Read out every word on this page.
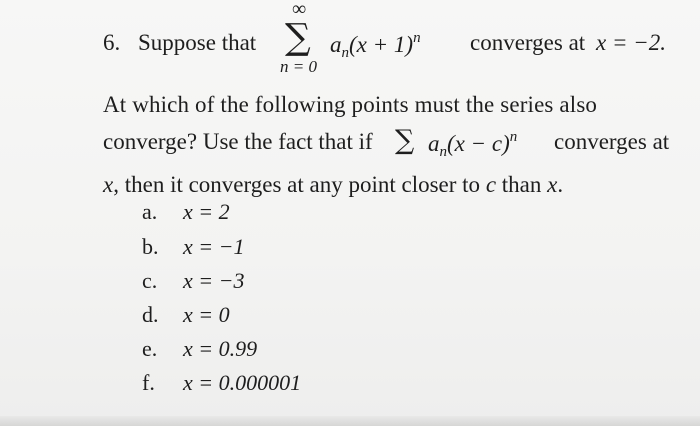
6. Suppose that
∞
∑
n = 0
$a_n(x + 1)^n$ converges at x = −2.
At which of the following points must the series also
converge? Use the fact that if ∑ $a_n(x - c)^n$ converges at
x, then it converges at any point closer to c than x.
a. x = 2
b. x = −1
c. x = −3
d. x = 0
e. x = 0.99
f. x = 0.000001
